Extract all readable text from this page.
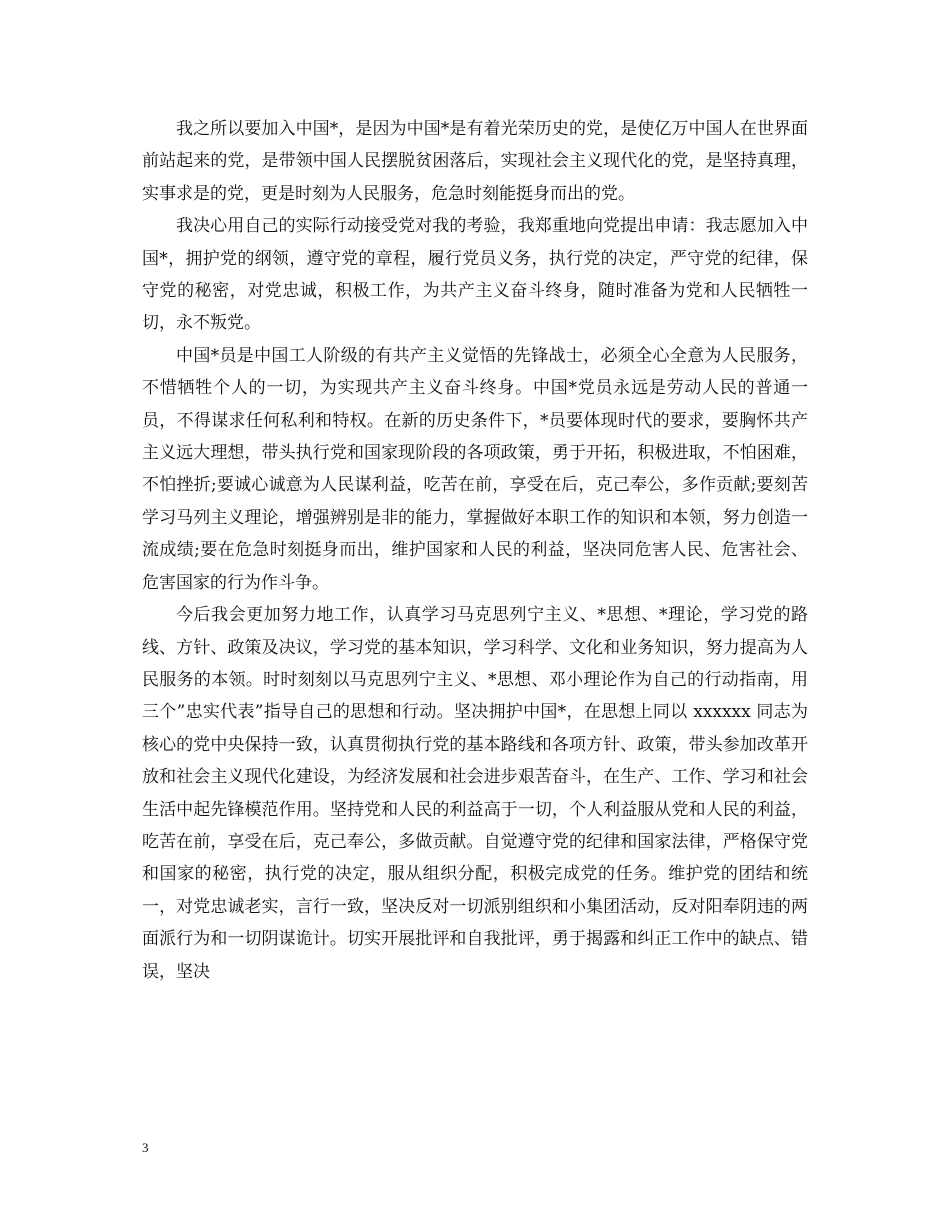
我之所以要加入中国*，是因为中国*是有着光荣历史的党，是使亿万中国人在世界面前站起来的党，是带领中国人民摆脱贫困落后，实现社会主义现代化的党，是坚持真理，实事求是的党，更是时刻为人民服务，危急时刻能挺身而出的党。

我决心用自己的实际行动接受党对我的考验，我郑重地向党提出申请：我志愿加入中国*，拥护党的纲领，遵守党的章程，履行党员义务，执行党的决定，严守党的纪律，保守党的秘密，对党忠诚，积极工作，为共产主义奋斗终身，随时准备为党和人民牺牲一切，永不叛党。

中国*员是中国工人阶级的有共产主义觉悟的先锋战士，必须全心全意为人民服务，不惜牺牲个人的一切，为实现共产主义奋斗终身。中国*党员永远是劳动人民的普通一员，不得谋求任何私利和特权。在新的历史条件下，*员要体现时代的要求，要胸怀共产主义远大理想，带头执行党和国家现阶段的各项政策，勇于开拓，积极进取，不怕困难，不怕挫折;要诚心诚意为人民谋利益，吃苦在前，享受在后，克己奉公，多作贡献;要刻苦学习马列主义理论，增强辨别是非的能力，掌握做好本职工作的知识和本领，努力创造一流成绩;要在危急时刻挺身而出，维护国家和人民的利益，坚决同危害人民、危害社会、危害国家的行为作斗争。

今后我会更加努力地工作，认真学习马克思列宁主义、*思想、*理论，学习党的路线、方针、政策及决议，学习党的基本知识，学习科学、文化和业务知识，努力提高为人民服务的本领。时时刻刻以马克思列宁主义、*思想、邓小理论作为自己的行动指南，用三个”忠实代表”指导自己的思想和行动。坚决拥护中国*，在思想上同以 xxxxxx 同志为核心的党中央保持一致，认真贯彻执行党的基本路线和各项方针、政策，带头参加改革开放和社会主义现代化建设，为经济发展和社会进步艰苦奋斗，在生产、工作、学习和社会生活中起先锋模范作用。坚持党和人民的利益高于一切，个人利益服从党和人民的利益，吃苦在前，享受在后，克己奉公，多做贡献。自觉遵守党的纪律和国家法律，严格保守党和国家的秘密，执行党的决定，服从组织分配，积极完成党的任务。维护党的团结和统一，对党忠诚老实，言行一致，坚决反对一切派别组织和小集团活动，反对阳奉阴违的两面派行为和一切阴谋诡计。切实开展批评和自我批评，勇于揭露和纠正工作中的缺点、错误，坚决

3
